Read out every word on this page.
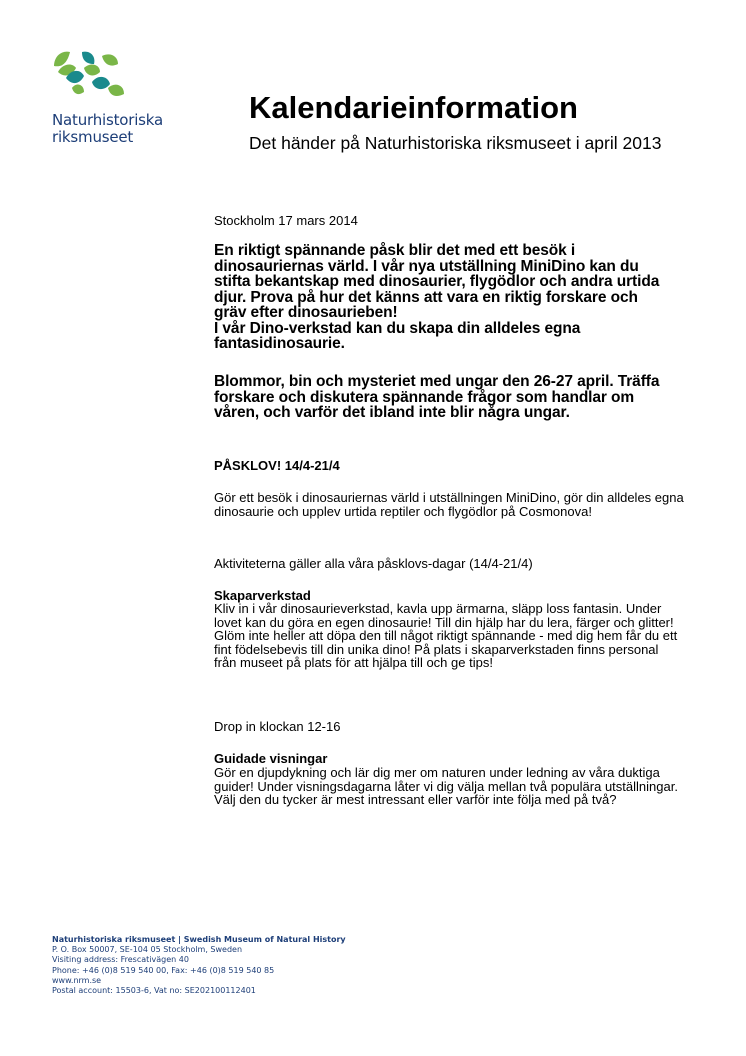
Naturhistoriska
riksmuseet
Kalendarieinformation
Det händer på Naturhistoriska riksmuseet i april 2013
Stockholm 17 mars 2014

En riktigt spännande påsk blir det med ett besök i dinosauriernas värld. I vår nya utställning MiniDino kan du stifta bekantskap med dinosaurier, flygödlor och andra urtida djur. Prova på hur det känns att vara en riktig forskare och gräv efter dinosaurieben!

I vår Dino-verkstad kan du skapa din alldeles egna fantasidinosaurie.

Blommor, bin och mysteriet med ungar den 26-27 april. Träffa forskare och diskutera spännande frågor som handlar om våren, och varför det ibland inte blir några ungar.

PÅSKLOV! 14/4-21/4
Gör ett besök i dinosauriernas värld i utställningen MiniDino, gör din alldeles egna dinosaurie och upplev urtida reptiler och flygödlor på Cosmonova!
Aktiviteterna gäller alla våra påsklovs-dagar (14/4-21/4)
Skaparverkstad
Kliv in i vår dinosaurieverkstad, kavla upp ärmarna, släpp loss fantasin. Under lovet kan du göra en egen dinosaurie! Till din hjälp har du lera, färger och glitter! Glöm inte heller att döpa den till något riktigt spännande - med dig hem får du ett fint födelsebevis till din unika dino! På plats i skaparverkstaden finns personal från museet på plats för att hjälpa till och ge tips!
Drop in klockan 12-16
Guidade visningar
Gör en djupdykning och lär dig mer om naturen under ledning av våra duktiga guider! Under visningsdagarna låter vi dig välja mellan två populära utställningar. Välj den du tycker är mest intressant eller varför inte följa med på två?
Naturhistoriska riksmuseet | Swedish Museum of Natural History
P. O. Box 50007, SE-104 05 Stockholm, Sweden
Visiting address: Frescativägen 40
Phone: +46 (0)8 519 540 00, Fax: +46 (0)8 519 540 85
www.nrm.se
Postal account: 15503-6, Vat no: SE202100112401
